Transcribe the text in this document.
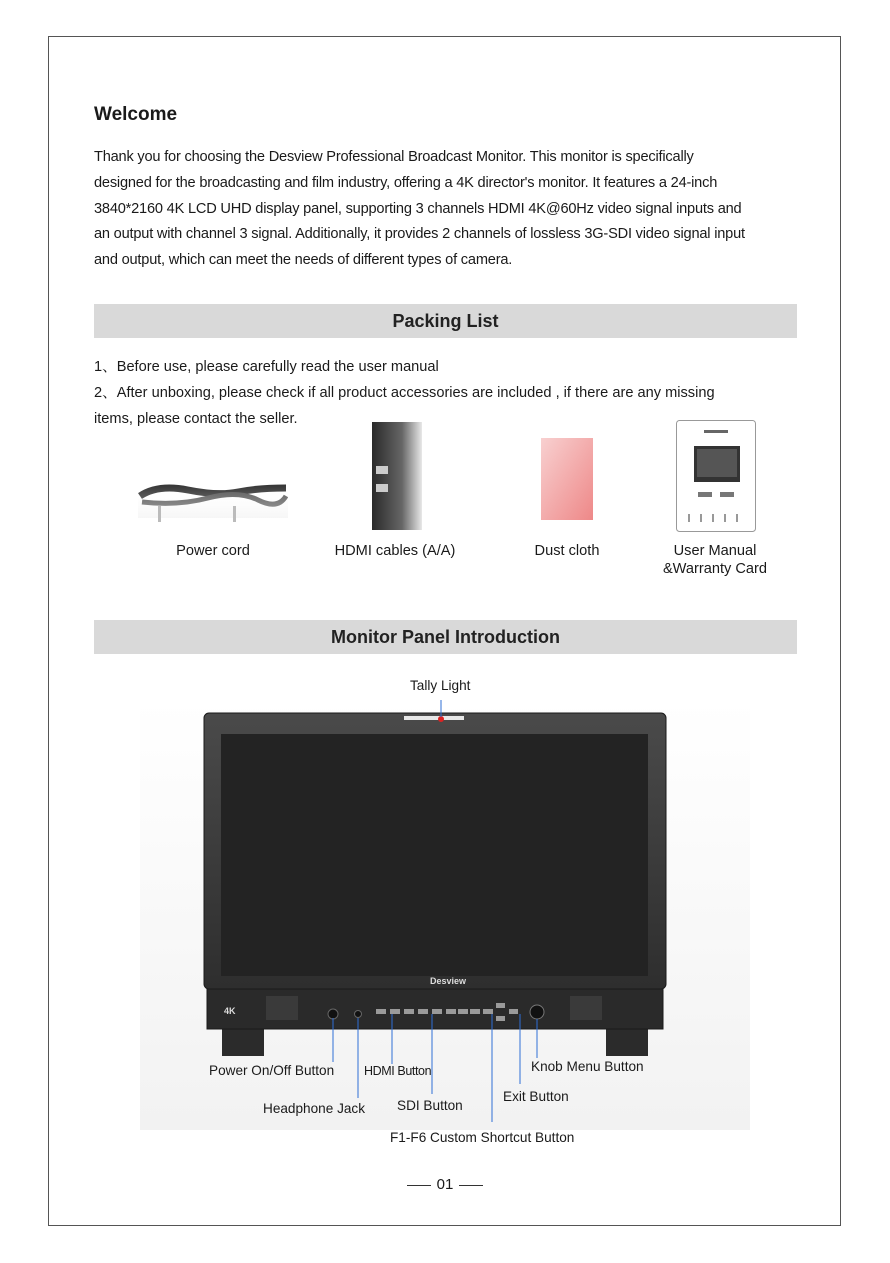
Welcome
Thank you for choosing the Desview Professional Broadcast Monitor. This monitor is specifically
designed for the broadcasting and film industry, offering a 4K director's monitor. It features a 24-inch
3840*2160 4K LCD UHD display panel, supporting 3 channels HDMI 4K@60Hz video signal inputs and
an output with channel 3 signal. Additionally, it provides 2 channels of lossless 3G-SDI video signal input
and output, which can meet the needs of different types of camera.
Packing List
1、Before use, please carefully read the user manual
2、After unboxing, please check if all product accessories are included , if there are any missing
items, please contact the seller.
Power cord	HDMI cables (A/A)	Dust cloth	User Manual
&Warranty Card
Monitor Panel Introduction
Desview
4K
Tally Light
Power On/Off Button HDMI Button	Knob Menu Button
Headphone Jack SDI Button
Exit Button
F1-F6 Custom Shortcut Button
01
